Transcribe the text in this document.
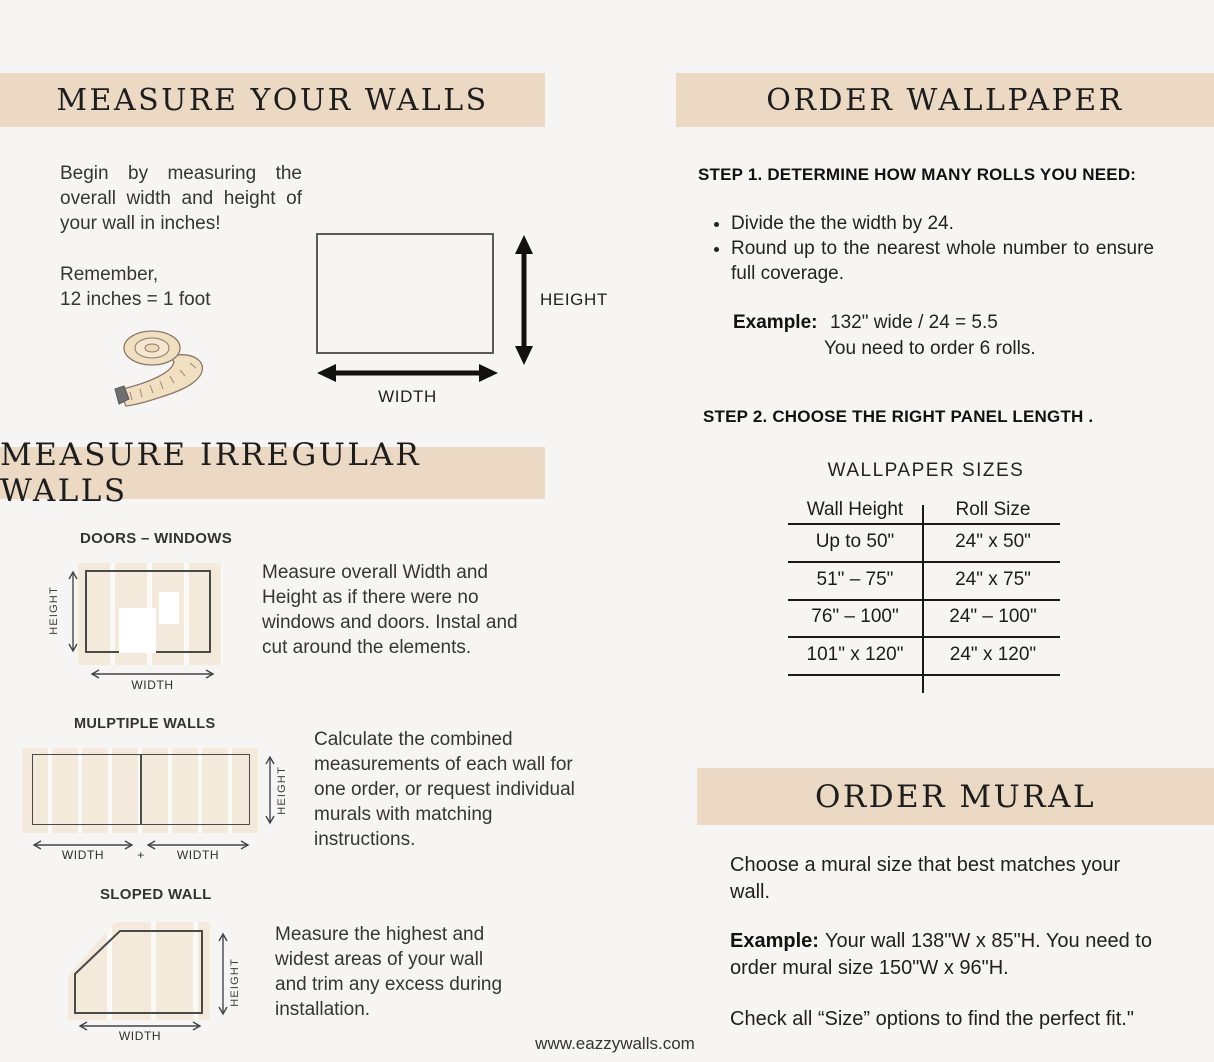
MEASURE YOUR WALLS
Begin by measuring the overall width and height of your wall in inches!
Remember,
12 inches = 1 foot	HEIGHT
WIDTH
MEASURE IRREGULAR WALLS
DOORS – WINDOWS
HEIGHT
WIDTH
Measure overall Width and Height as if there were no windows and doors. Instal and cut around the elements.
MULPTIPLE WALLS
HEIGHT
WIDTH	+	WIDTH
Calculate the combined measurements of each wall for one order, or request individual murals with matching instructions.
SLOPED WALL
HEIGHT
WIDTH
Measure the highest and widest areas of your wall and trim any excess during installation.
www.eazzywalls.com
ORDER WALLPAPER
STEP 1. DETERMINE HOW MANY ROLLS YOU NEED:
• Divide the the width by 24.
• Round up to the nearest whole number to ensure full coverage.
Example: 132" wide / 24 = 5.5
You need to order 6 rolls.
STEP 2. CHOOSE THE RIGHT PANEL LENGTH .
WALLPAPER SIZES
Wall Height	Roll Size
Up to 50"	24" x 50"
51" – 75"	24" x 75"
76" – 100"	24" – 100"
101" x 120"	24" x 120"
ORDER MURAL
Choose a mural size that best matches your wall.
Example: Your wall 138"W x 85"H. You need to order mural size 150"W x 96"H.
Check all “Size” options to find the perfect fit."
